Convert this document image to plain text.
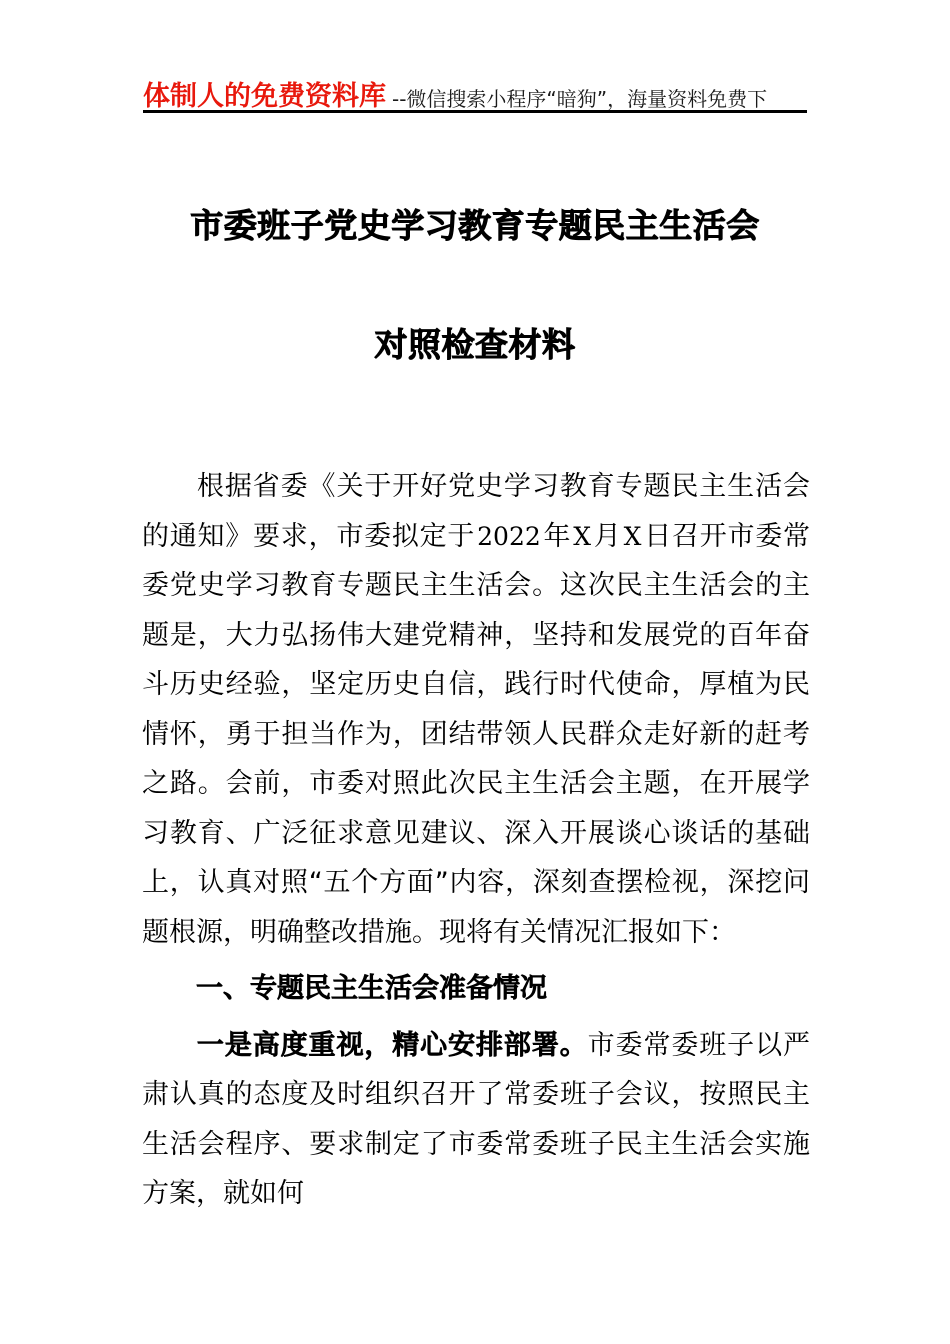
体制人的免费资料库 --微信搜索小程序“暗狗”，海量资料免费下
市委班子党史学习教育专题民主生活会
对照检查材料

根据省委《关于开好党史学习教育专题民主生活会的通知》要求，市委拟定于2022年X月X日召开市委常委党史学习教育专题民主生活会。这次民主生活会的主题是，大力弘扬伟大建党精神，坚持和发展党的百年奋斗历史经验，坚定历史自信，践行时代使命，厚植为民情怀，勇于担当作为，团结带领人民群众走好新的赶考之路。会前，市委对照此次民主生活会主题，在开展学习教育、广泛征求意见建议、深入开展谈心谈话的基础上，认真对照“五个方面”内容，深刻查摆检视，深挖问题根源，明确整改措施。现将有关情况汇报如下：

一、专题民主生活会准备情况

一是高度重视，精心安排部署。市委常委班子以严肃认真的态度及时组织召开了常委班子会议，按照民主生活会程序、要求制定了市委常委班子民主生活会实施方案，就如何
